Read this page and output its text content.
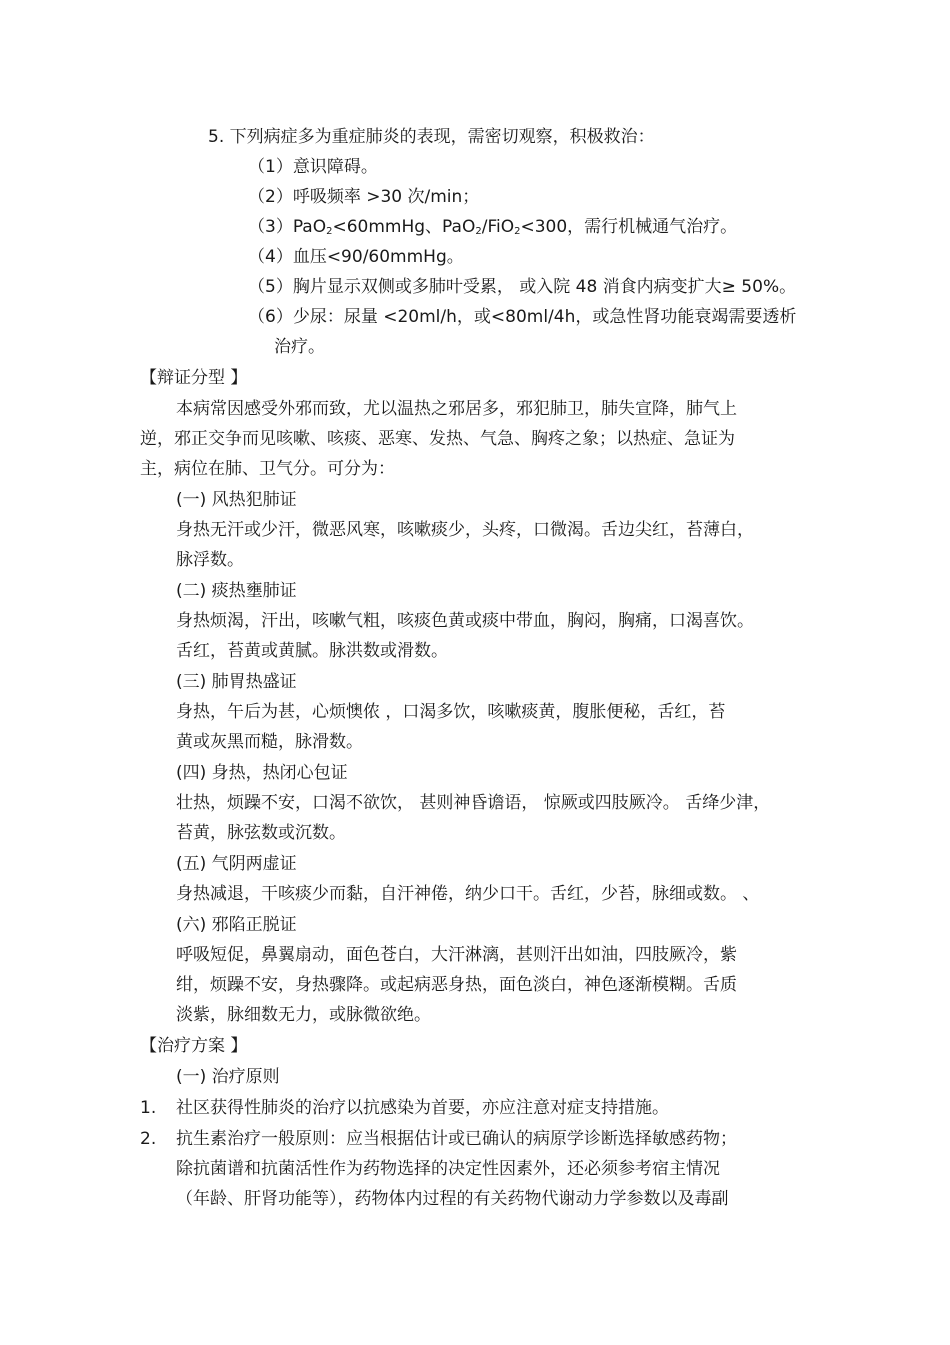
5. 下列病症多为重症肺炎的表现，需密切观察，积极救治：
（1）意识障碍。
（2）呼吸频率 >30 次/min；
（3）PaO$_2$<60mmHg、PaO$_2$/FiO$_2$<300，需行机械通气治疗。
（4）血压<90/60mmHg。
（5）胸片显示双侧或多肺叶受累， 或入院 48 消食内病变扩大≥ 50%。
（6）少尿：尿量 <20ml/h，或<80ml/4h，或急性肾功能衰竭需要透析
治疗。
【辩证分型 】
本病常因感受外邪而致，尤以温热之邪居多，邪犯肺卫，肺失宣降，肺气上
逆，邪正交争而见咳嗽、咳痰、恶寒、发热、气急、胸疼之象；以热症、急证为
主，病位在肺、卫气分。可分为：
(一) 风热犯肺证
身热无汗或少汗，微恶风寒，咳嗽痰少，头疼，口微渴。舌边尖红，苔薄白，
脉浮数。
(二) 痰热壅肺证
身热烦渴，汗出，咳嗽气粗，咳痰色黄或痰中带血，胸闷，胸痛，口渴喜饮。
舌红，苔黄或黄腻。脉洪数或滑数。
(三) 肺胃热盛证
身热，午后为甚，心烦懊侬 ，口渴多饮，咳嗽痰黄，腹胀便秘，舌红，苔
黄或灰黑而糙，脉滑数。
(四) 身热，热闭心包证
壮热，烦躁不安，口渴不欲饮， 甚则神昏谵语， 惊厥或四肢厥冷。 舌绛少津，
苔黄，脉弦数或沉数。
(五) 气阴两虚证
身热减退，干咳痰少而黏，自汗神倦，纳少口干。舌红，少苔，脉细或数。 、
(六) 邪陷正脱证
呼吸短促，鼻翼扇动，面色苍白，大汗淋漓，甚则汗出如油，四肢厥冷，紫
绀，烦躁不安，身热骤降。或起病恶身热，面色淡白，神色逐渐模糊。舌质
淡紫，脉细数无力，或脉微欲绝。
【治疗方案 】
(一) 治疗原则
1. 社区获得性肺炎的治疗以抗感染为首要，亦应注意对症支持措施。
2. 抗生素治疗一般原则：应当根据估计或已确认的病原学诊断选择敏感药物；
除抗菌谱和抗菌活性作为药物选择的决定性因素外，还必须参考宿主情况
（年龄、肝肾功能等），药物体内过程的有关药物代谢动力学参数以及毒副
